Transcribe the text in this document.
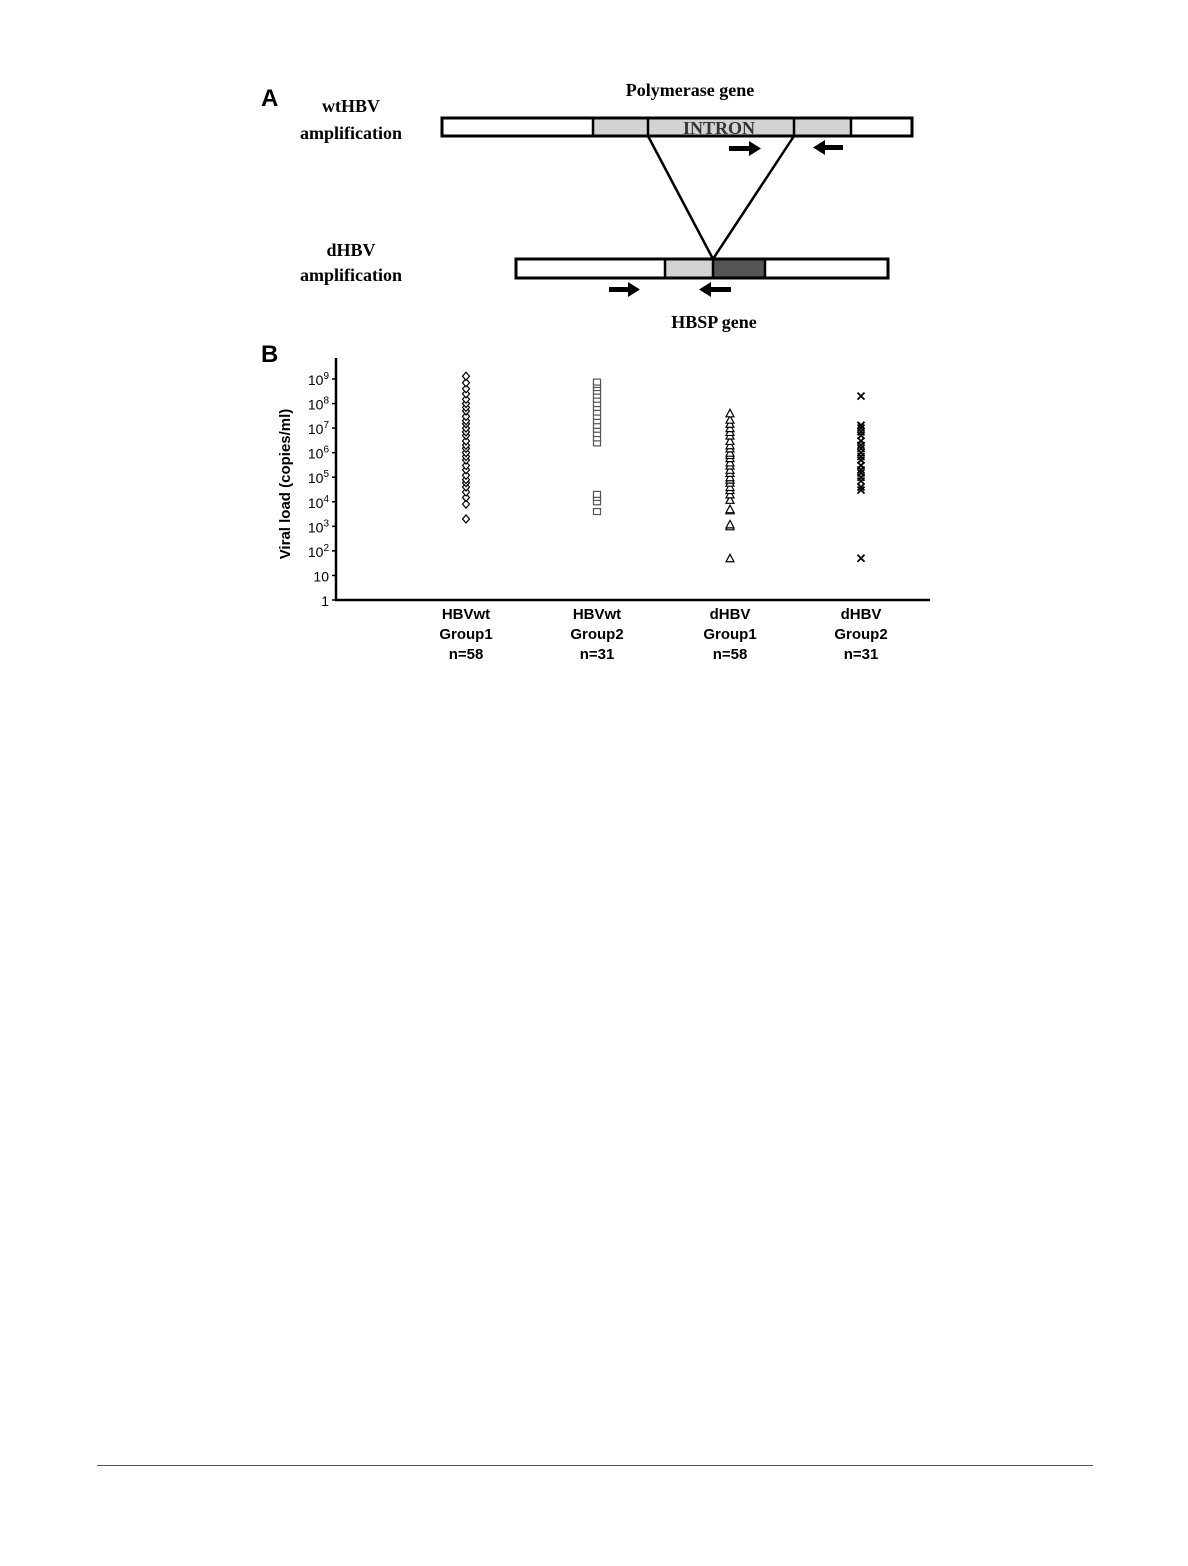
A wtHBV
amplification
Polymerase gene
INTRON
dHBV
amplification
HBSP gene
B
Viral load (copies/ml)
1
10
$10^2$
$10^3$
$10^4$
$10^5$
$10^6$
$10^7$
$10^8$
$10^9$
HBVwt
Group1
n=58
HBVwt
Group2
n=31
dHBV
Group1
n=58
dHBV
Group2
n=31
